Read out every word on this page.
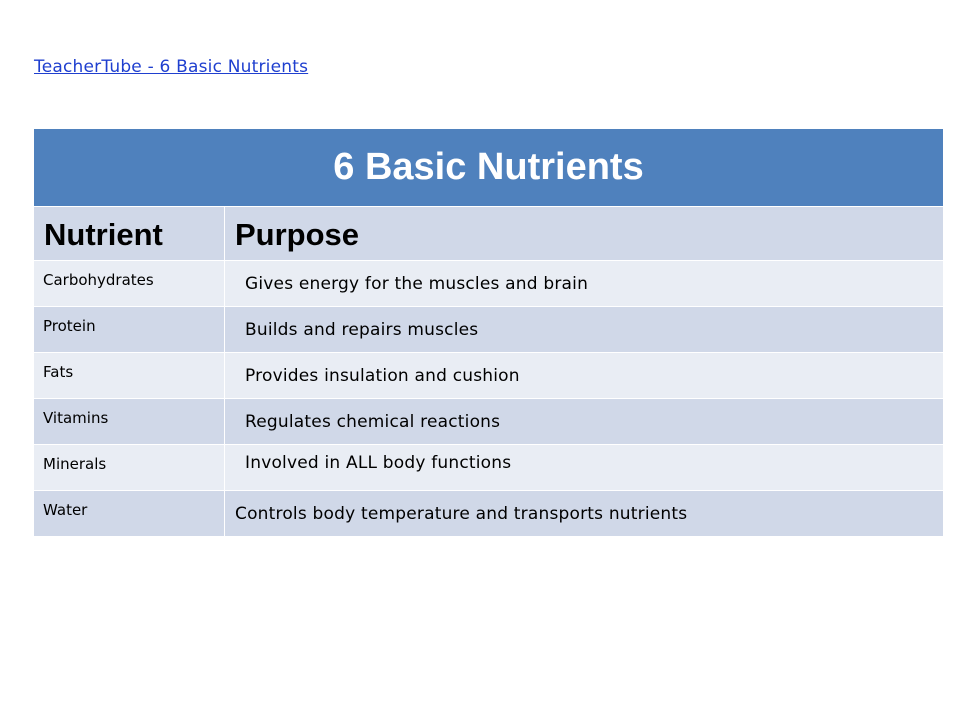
TeacherTube - 6 Basic Nutrients
6 Basic Nutrients	

Nutrient	Purpose

Carbohydrates	Gives energy for the muscles and brain

Protein	Builds and repairs muscles

Fats	Provides insulation and cushion

Vitamins	Regulates chemical reactions

Minerals	Involved in ALL body functions

Water	Controls body temperature and transports nutrients
